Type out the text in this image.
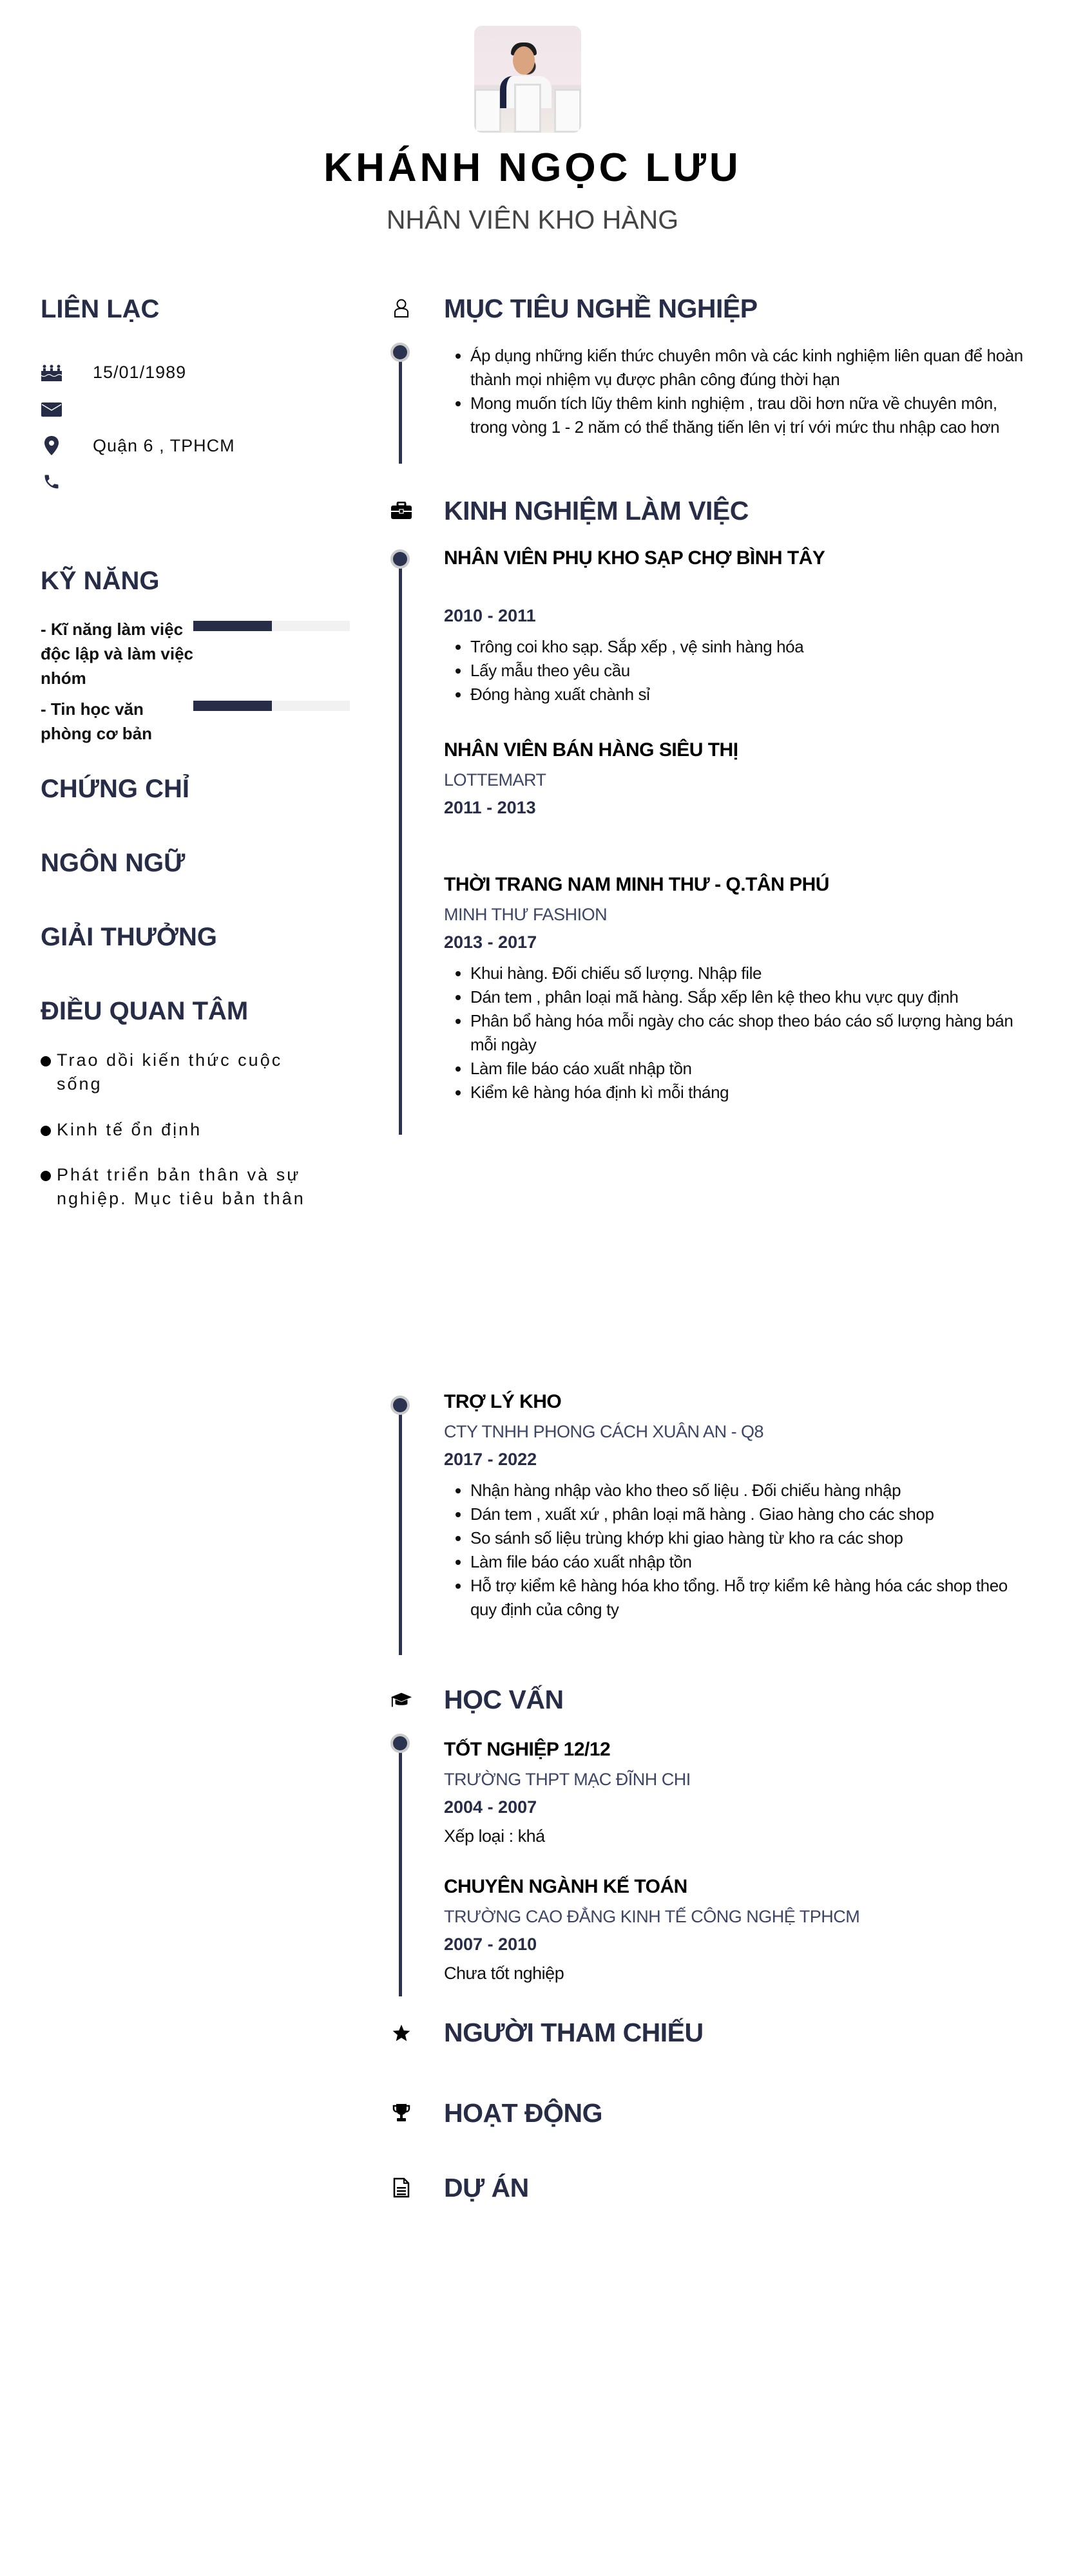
KHÁNH NGỌC LƯU
NHÂN VIÊN KHO HÀNG
LIÊN LẠC
15/01/1989
Quận 6 , TPHCM
KỸ NĂNG
- Kĩ năng làm việc độc lập và làm việc nhóm
- Tin học văn phòng cơ bản
CHỨNG CHỈ
NGÔN NGỮ
GIẢI THƯỞNG
ĐIỀU QUAN TÂM
Trao dồi kiến thức cuộc sống
Kinh tế ổn định
Phát triển bản thân và sự nghiệp. Mục tiêu bản thân
MỤC TIÊU NGHỀ NGHIỆP
• Áp dụng những kiến thức chuyên môn và các kinh nghiệm liên quan để hoàn thành mọi nhiệm vụ được phân công đúng thời hạn
• Mong muốn tích lũy thêm kinh nghiệm , trau dồi hơn nữa về chuyên môn, trong vòng 1 - 2 năm có thể thăng tiến lên vị trí với mức thu nhập cao hơn
KINH NGHIỆM LÀM VIỆC
NHÂN VIÊN PHỤ KHO SẠP CHỢ BÌNH TÂY
2010 - 2011
• Trông coi kho sạp. Sắp xếp , vệ sinh hàng hóa
• Lấy mẫu theo yêu cầu
• Đóng hàng xuất chành sỉ
NHÂN VIÊN BÁN HÀNG SIÊU THỊ
LOTTEMART
2011 - 2013
THỜI TRANG NAM MINH THƯ - Q.TÂN PHÚ
MINH THƯ FASHION
2013 - 2017
• Khui hàng. Đối chiếu số lượng. Nhập file
• Dán tem , phân loại mã hàng. Sắp xếp lên kệ theo khu vực quy định
• Phân bổ hàng hóa mỗi ngày cho các shop theo báo cáo số lượng hàng bán mỗi ngày
• Làm file báo cáo xuất nhập tồn
• Kiểm kê hàng hóa định kì mỗi tháng
TRỢ LÝ KHO
CTY TNHH PHONG CÁCH XUÂN AN - Q8
2017 - 2022
• Nhận hàng nhập vào kho theo số liệu . Đối chiếu hàng nhập
• Dán tem , xuất xứ , phân loại mã hàng . Giao hàng cho các shop
• So sánh số liệu trùng khớp khi giao hàng từ kho ra các shop
• Làm file báo cáo xuất nhập tồn
• Hỗ trợ kiểm kê hàng hóa kho tổng. Hỗ trợ kiểm kê hàng hóa các shop theo quy định của công ty
HỌC VẤN
TỐT NGHIỆP 12/12
TRƯỜNG THPT MẠC ĐĨNH CHI
2004 - 2007
Xếp loại : khá
CHUYÊN NGÀNH KẾ TOÁN
TRƯỜNG CAO ĐẲNG KINH TẾ CÔNG NGHỆ TPHCM
2007 - 2010
Chưa tốt nghiệp
NGƯỜI THAM CHIẾU
HOẠT ĐỘNG
DỰ ÁN
